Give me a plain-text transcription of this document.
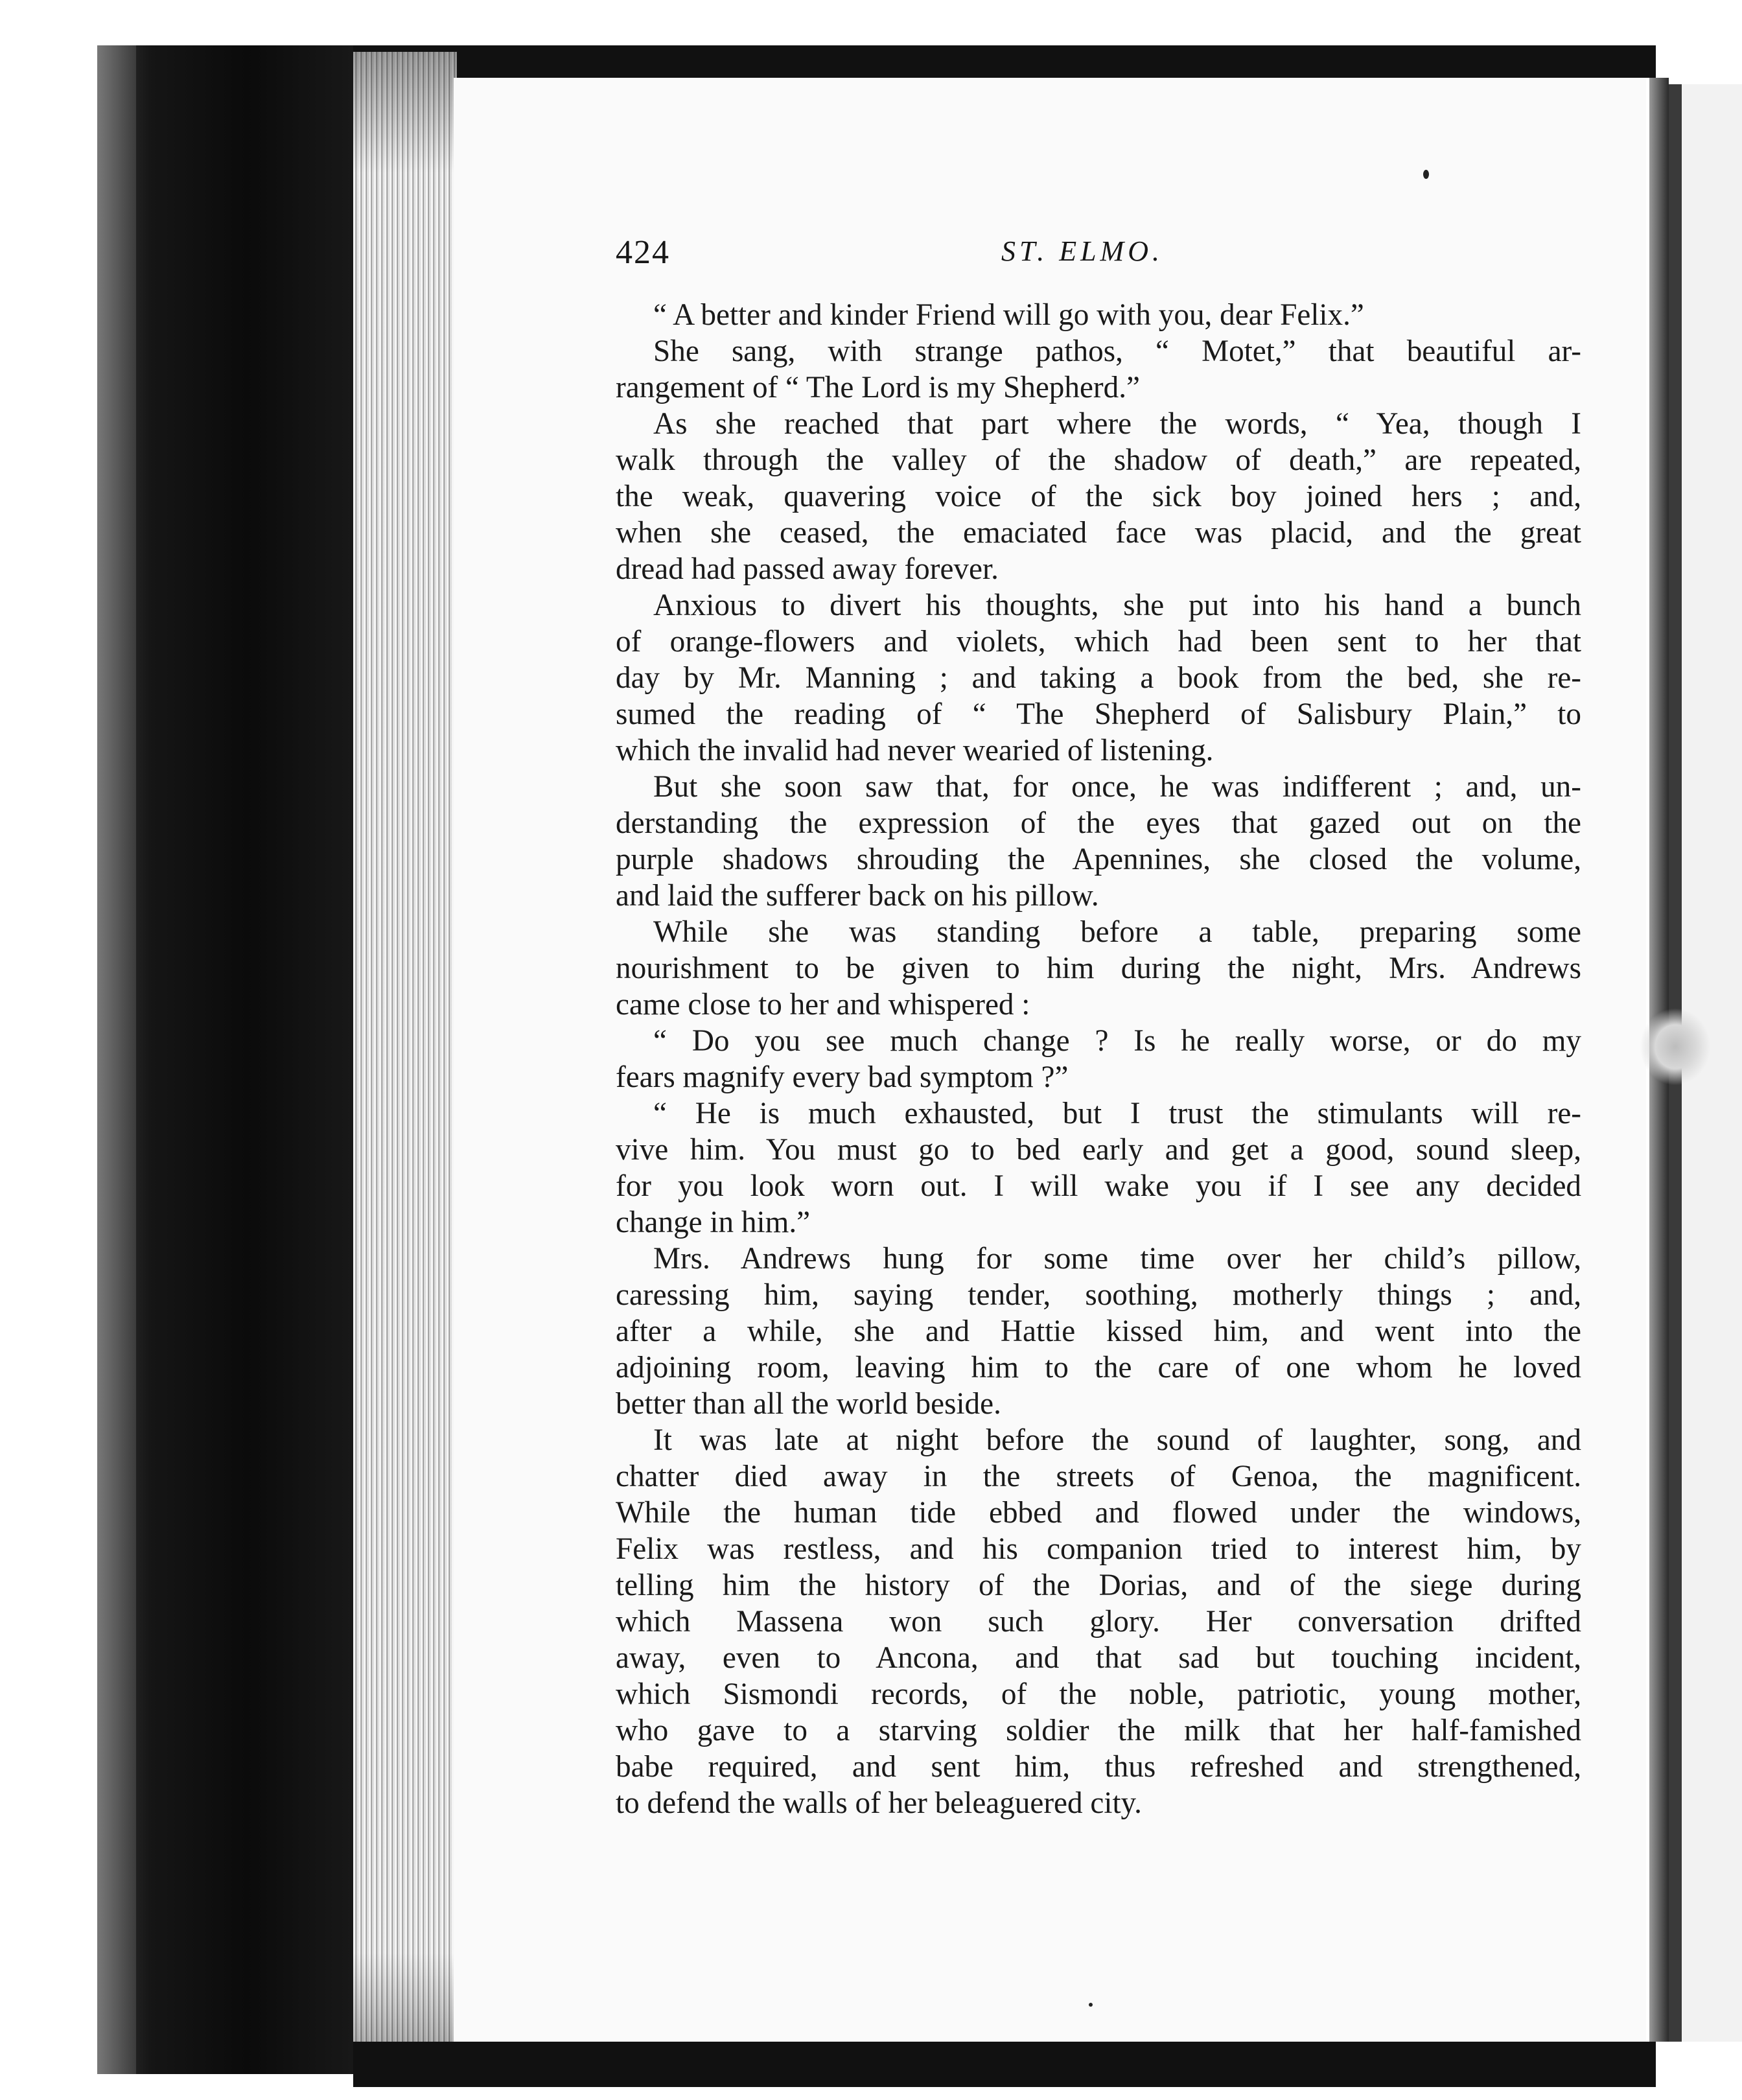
424	ST. ELMO.
“ A better and kinder Friend will go with you, dear Felix.”
She sang, with strange pathos, “ Motet,” that beautiful ar-
rangement of “ The Lord is my Shepherd.”
As she reached that part where the words, “ Yea, though I
walk through the valley of the shadow of death,” are repeated,
the weak, quavering voice of the sick boy joined hers ; and,
when she ceased, the emaciated face was placid, and the great
dread had passed away forever.
Anxious to divert his thoughts, she put into his hand a bunch
of orange-flowers and violets, which had been sent to her that
day by Mr. Manning ; and taking a book from the bed, she re-
sumed the reading of “ The Shepherd of Salisbury Plain,” to
which the invalid had never wearied of listening.
But she soon saw that, for once, he was indifferent ; and, un-
derstanding the expression of the eyes that gazed out on the
purple shadows shrouding the Apennines, she closed the volume,
and laid the sufferer back on his pillow.
While she was standing before a table, preparing some
nourishment to be given to him during the night, Mrs. Andrews
came close to her and whispered :
“ Do you see much change ? Is he really worse, or do my
fears magnify every bad symptom ?”
“ He is much exhausted, but I trust the stimulants will re-
vive him. You must go to bed early and get a good, sound sleep,
for you look worn out. I will wake you if I see any decided
change in him.”
Mrs. Andrews hung for some time over her child’s pillow,
caressing him, saying tender, soothing, motherly things ; and,
after a while, she and Hattie kissed him, and went into the
adjoining room, leaving him to the care of one whom he loved
better than all the world beside.
It was late at night before the sound of laughter, song, and
chatter died away in the streets of Genoa, the magnificent.
While the human tide ebbed and flowed under the windows,
Felix was restless, and his companion tried to interest him, by
telling him the history of the Dorias, and of the siege during
which Massena won such glory. Her conversation drifted
away, even to Ancona, and that sad but touching incident,
which Sismondi records, of the noble, patriotic, young mother,
who gave to a starving soldier the milk that her half-famished
babe required, and sent him, thus refreshed and strengthened,
to defend the walls of her beleaguered city.
